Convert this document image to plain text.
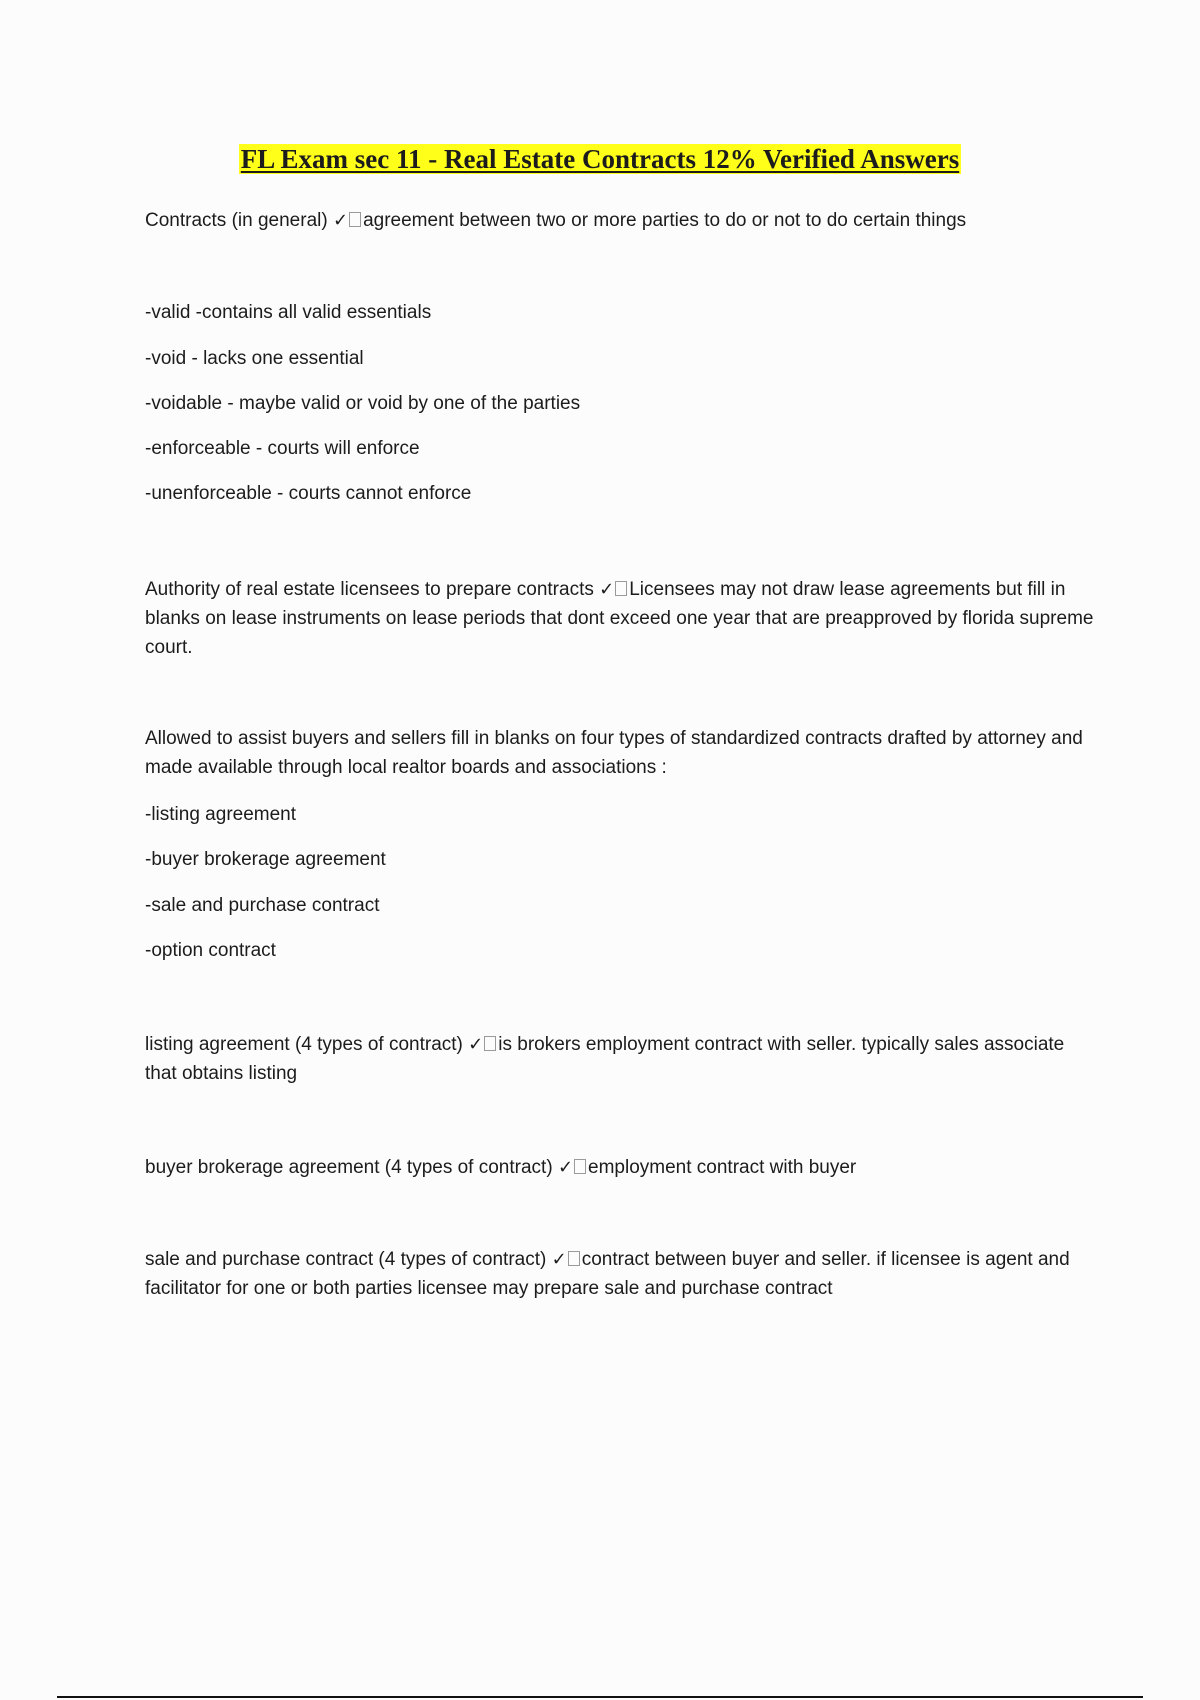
FL Exam sec 11 - Real Estate Contracts 12% Verified Answers

Contracts (in general) ✓ agreement between two or more parties to do or not to do certain things

-valid -contains all valid essentials

-void - lacks one essential

-voidable - maybe valid or void by one of the parties

-enforceable - courts will enforce

-unenforceable - courts cannot enforce

Authority of real estate licensees to prepare contracts ✓ Licensees may not draw lease agreements but fill in blanks on lease instruments on lease periods that dont exceed one year that are preapproved by florida supreme court.

Allowed to assist buyers and sellers fill in blanks on four types of standardized contracts drafted by attorney and made available through local realtor boards and associations :

-listing agreement

-buyer brokerage agreement

-sale and purchase contract

-option contract

listing agreement (4 types of contract) ✓ is brokers employment contract with seller. typically sales associate that obtains listing

buyer brokerage agreement (4 types of contract) ✓ employment contract with buyer

sale and purchase contract (4 types of contract) ✓ contract between buyer and seller. if licensee is agent and facilitator for one or both parties licensee may prepare sale and purchase contract
